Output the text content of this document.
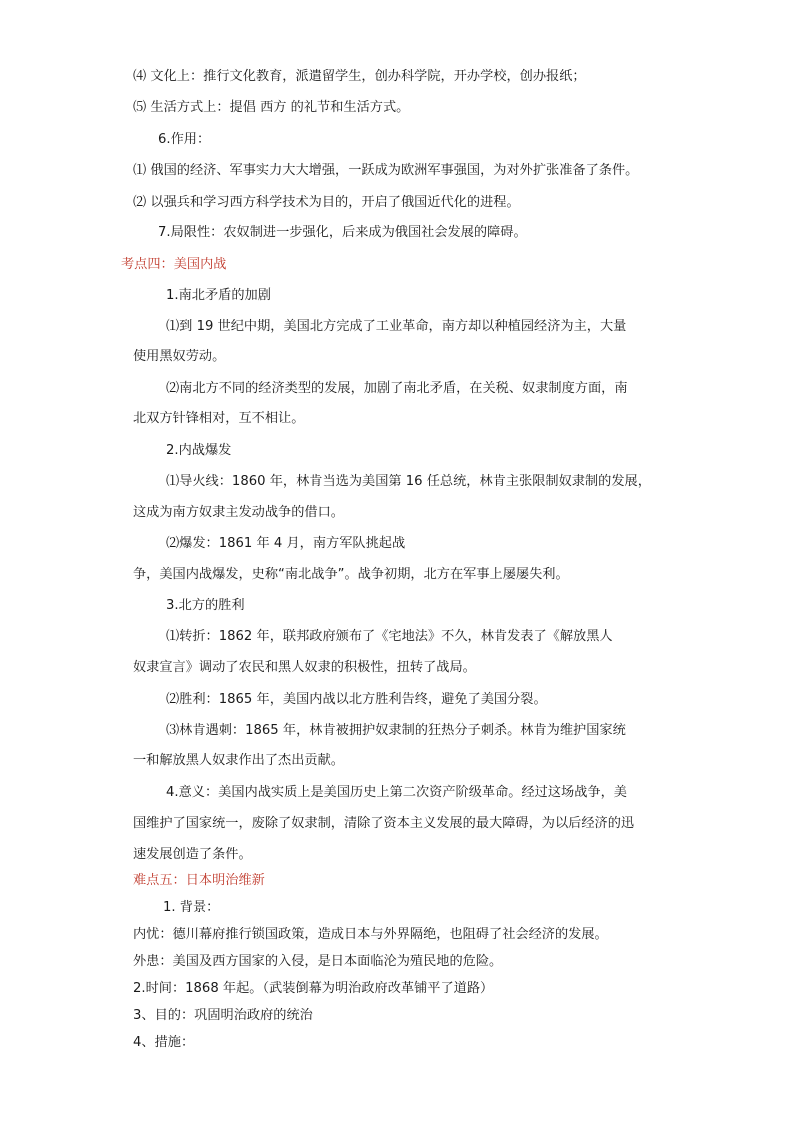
⑷ 文化上：推行文化教育，派遣留学生，创办科学院，开办学校，创办报纸；
⑸ 生活方式上：提倡 西方 的礼节和生活方式。
6.作用：
⑴ 俄国的经济、军事实力大大增强，一跃成为欧洲军事强国，为对外扩张准备了条件。
⑵ 以强兵和学习西方科学技术为目的，开启了俄国近代化的进程。
7.局限性：农奴制进一步强化，后来成为俄国社会发展的障碍。
考点四：美国内战
1.南北矛盾的加剧
⑴到 19 世纪中期，美国北方完成了工业革命，南方却以种植园经济为主，大量
使用黑奴劳动。
⑵南北方不同的经济类型的发展，加剧了南北矛盾，在关税、奴隶制度方面，南
北双方针锋相对，互不相让。
2.内战爆发
⑴导火线：1860 年，林肯当选为美国第 16 任总统，林肯主张限制奴隶制的发展，
这成为南方奴隶主发动战争的借口。
⑵爆发：1861 年 4 月，南方军队挑起战
争，美国内战爆发，史称“南北战争”。战争初期，北方在军事上屡屡失利。
3.北方的胜利
⑴转折：1862 年，联邦政府颁布了《宅地法》不久，林肯发表了《解放黑人
奴隶宣言》调动了农民和黑人奴隶的积极性，扭转了战局。
⑵胜利：1865 年，美国内战以北方胜利告终，避免了美国分裂。
⑶林肯遇刺：1865 年，林肯被拥护奴隶制的狂热分子刺杀。林肯为维护国家统
一和解放黑人奴隶作出了杰出贡献。
4.意义：美国内战实质上是美国历史上第二次资产阶级革命。经过这场战争，美
国维护了国家统一，废除了奴隶制，清除了资本主义发展的最大障碍，为以后经济的迅
速发展创造了条件。
难点五：日本明治维新
1. 背景：
内忧：德川幕府推行锁国政策，造成日本与外界隔绝，也阻碍了社会经济的发展。
外患：美国及西方国家的入侵，是日本面临沦为殖民地的危险。
2.时间：1868 年起。（武装倒幕为明治政府改革铺平了道路）
3、目的：巩固明治政府的统治
4、措施：
